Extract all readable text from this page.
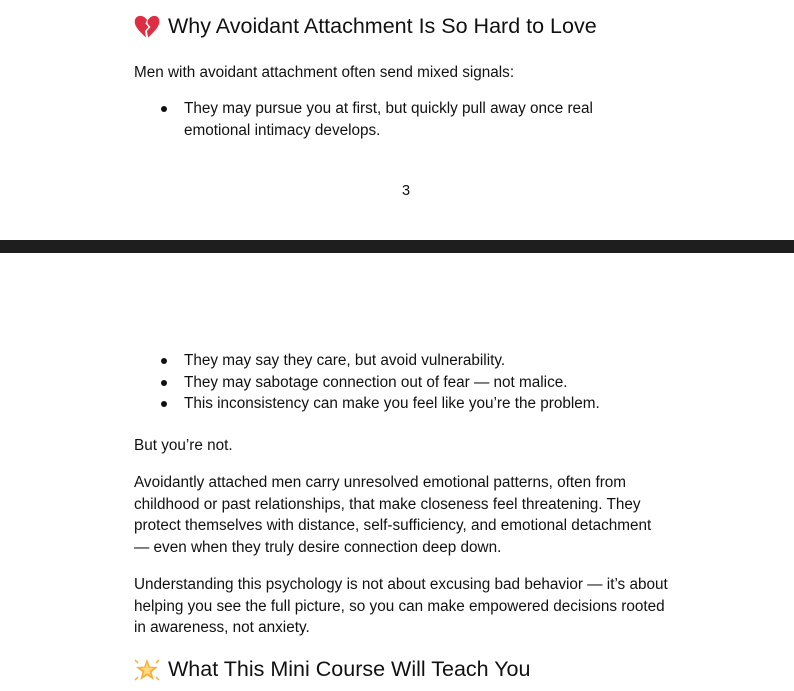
Why Avoidant Attachment Is So Hard to Love

Men with avoidant attachment often send mixed signals:

They may pursue you at first, but quickly pull away once real emotional intimacy develops.

3

They may say they care, but avoid vulnerability.
They may sabotage connection out of fear — not malice.
This inconsistency can make you feel like you’re the problem.

But you’re not.

Avoidantly attached men carry unresolved emotional patterns, often from childhood or past relationships, that make closeness feel threatening. They protect themselves with distance, self-sufficiency, and emotional detachment — even when they truly desire connection deep down.

Understanding this psychology is not about excusing bad behavior — it’s about helping you see the full picture, so you can make empowered decisions rooted in awareness, not anxiety.

What This Mini Course Will Teach You
